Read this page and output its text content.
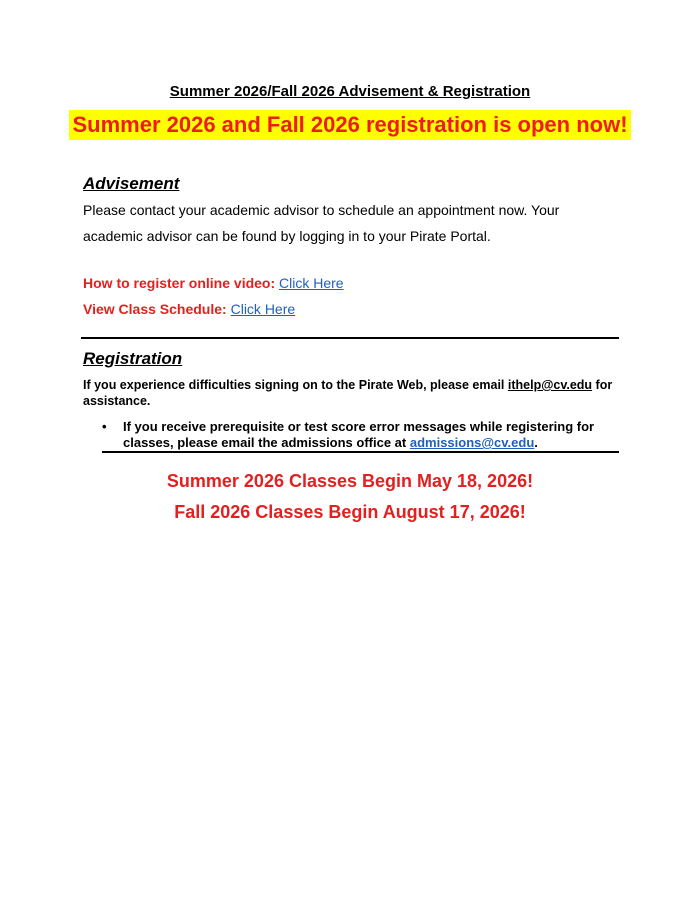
Summer 2026/Fall 2026 Advisement & Registration
Summer 2026 and Fall 2026 registration is open now!
Advisement
Please contact your academic advisor to schedule an appointment now. Your academic advisor can be found by logging in to your Pirate Portal.
How to register online video: Click Here
View Class Schedule: Click Here
Registration
If you experience difficulties signing on to the Pirate Web, please email ithelp@cv.edu for assistance.
• If you receive prerequisite or test score error messages while registering for classes, please email the admissions office at admissions@cv.edu.
Summer 2026 Classes Begin May 18, 2026!
Fall 2026 Classes Begin August 17, 2026!
